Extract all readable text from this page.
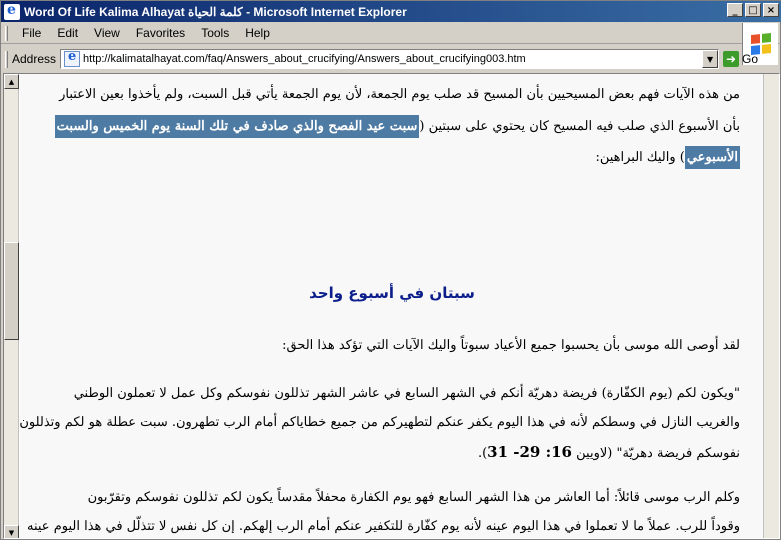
e
Word Of Life Kalima Alhayat كلمة الحياة - Microsoft Internet Explorer	_	□ ×
File	Edit	View	Favorites	Tools	Help
Address
e http://kalimatalhayat.com/faq/Answers_about_crucifying/Answers_about_crucifying003.htm	▼	➜ Go
▲
▼
من هذه الآيات فهم بعض المسيحيين بأن المسيح قد صلب يوم الجمعة، لأن يوم الجمعة يأتي قبل السبت، ولم يأخذوا بعين الاعتبار
بأن الأسبوع الذي صلب فيه المسيح كان يحتوي على سبتين (سبت عيد الفصح والذي صادف في تلك السنة يوم الخميس والسبت
الأسبوعي) واليك البراهين:
سبتان في أسبوع واحد
لقد أوصى الله موسى بأن يحسبوا جميع الأعياد سبوتاً واليك الآيات التي تؤكد هذا الحق:
"ويكون لكم (يوم الكفّارة) فريضة دهريّة أنكم في الشهر السابع في عاشر الشهر تذللون نفوسكم وكل عمل لا تعملون الوطني
والغريب النازل في وسطكم لأنه في هذا اليوم يكفر عنكم لتطهيركم من جميع خطاياكم أمام الرب تطهرون. سبت عطلة هو لكم وتذللون
نفوسكم فريضة دهريّة" (لاويين 16: 29- 31).
وكلم الرب موسى قائلاً: أما العاشر من هذا الشهر السابع فهو يوم الكفارة محفلاً مقدساً يكون لكم تذللون نفوسكم وتقرّبون
وقوداً للرب. عملاً ما لا تعملوا في هذا اليوم عينه لأنه يوم كفّارة للتكفير عنكم أمام الرب إلهكم. إن كل نفس لا تتذلّل في هذا اليوم عينه
